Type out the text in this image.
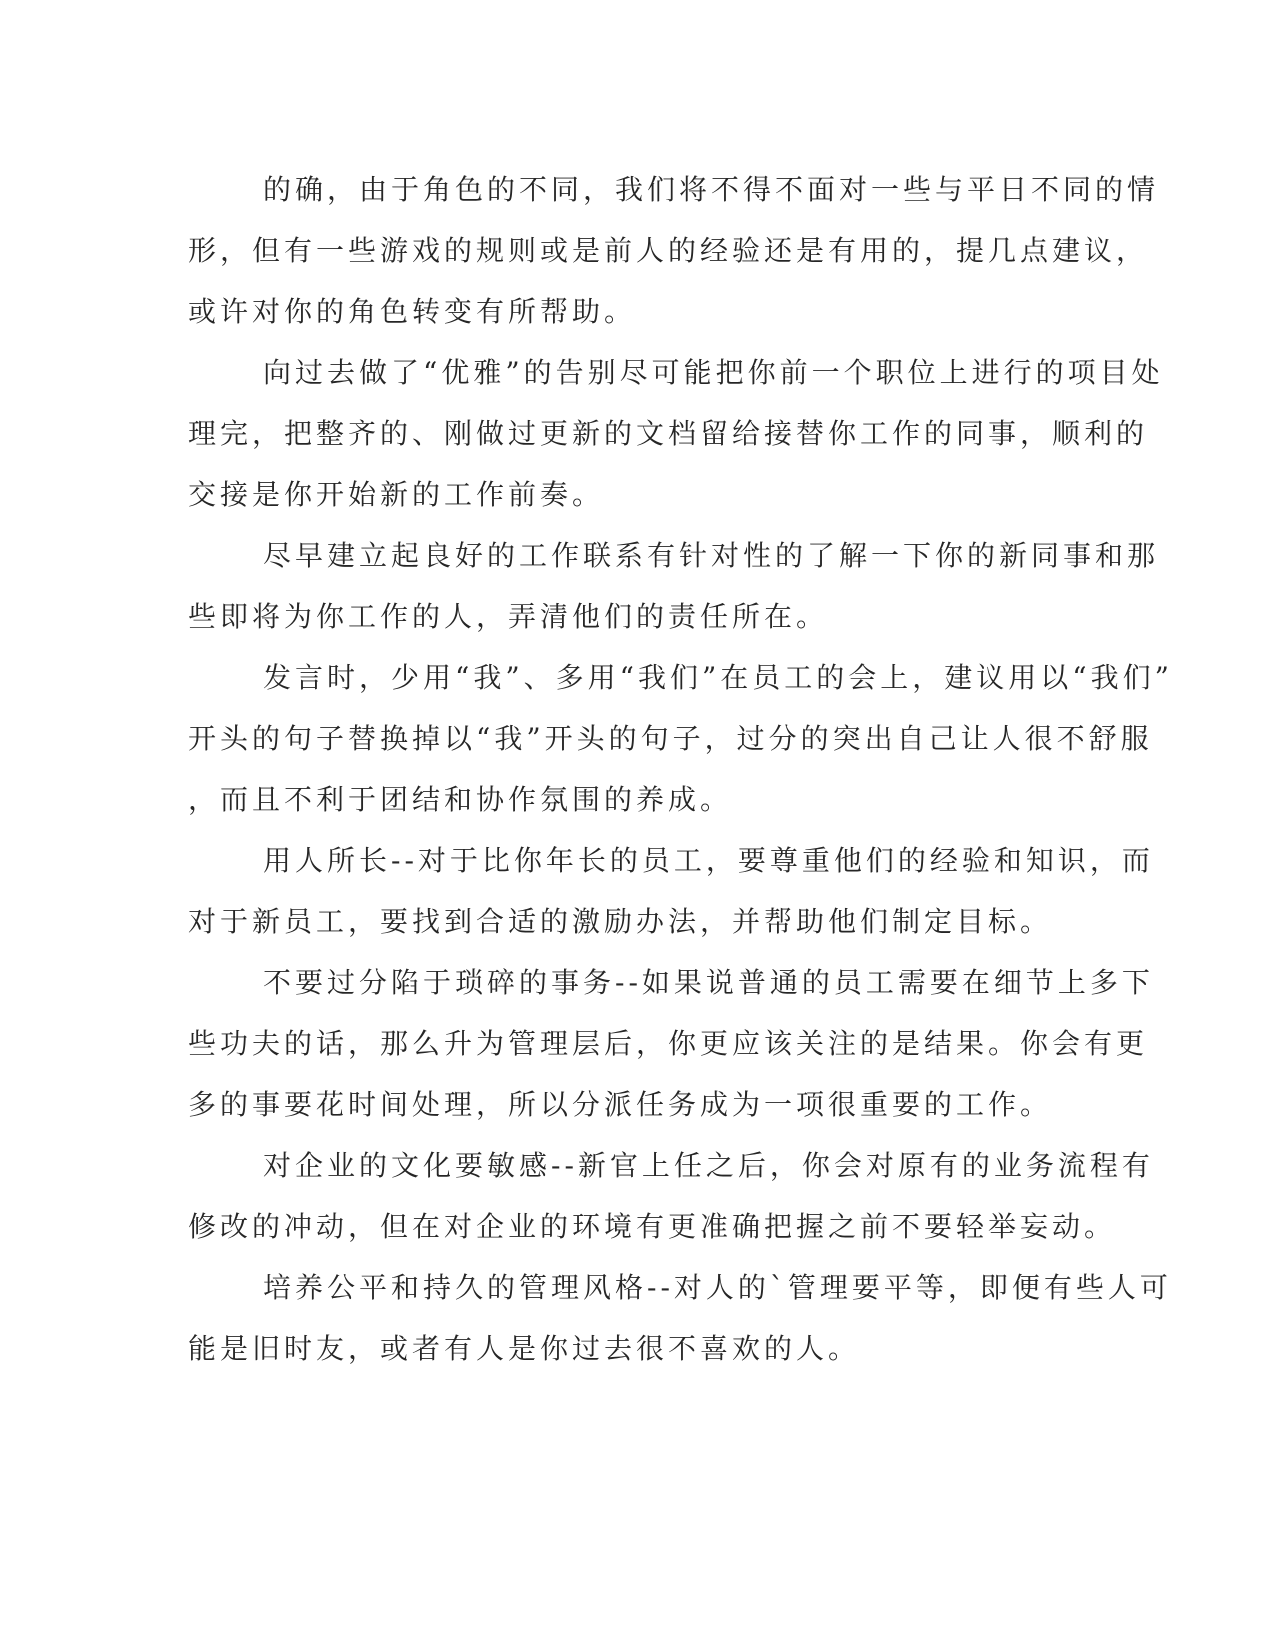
的确，由于角色的不同，我们将不得不面对一些与平日不同的情
形，但有一些游戏的规则或是前人的经验还是有用的，提几点建议，
或许对你的角色转变有所帮助。
向过去做了“优雅”的告别尽可能把你前一个职位上进行的项目处
理完，把整齐的、刚做过更新的文档留给接替你工作的同事，顺利的
交接是你开始新的工作前奏。
尽早建立起良好的工作联系有针对性的了解一下你的新同事和那
些即将为你工作的人，弄清他们的责任所在。
发言时，少用“我”、多用“我们”在员工的会上，建议用以“我们”
开头的句子替换掉以“我”开头的句子，过分的突出自己让人很不舒服
，而且不利于团结和协作氛围的养成。
用人所长--对于比你年长的员工，要尊重他们的经验和知识，而
对于新员工，要找到合适的激励办法，并帮助他们制定目标。
不要过分陷于琐碎的事务--如果说普通的员工需要在细节上多下
些功夫的话，那么升为管理层后，你更应该关注的是结果。你会有更
多的事要花时间处理，所以分派任务成为一项很重要的工作。
对企业的文化要敏感--新官上任之后，你会对原有的业务流程有
修改的冲动，但在对企业的环境有更准确把握之前不要轻举妄动。
培养公平和持久的管理风格--对人的`管理要平等，即便有些人可
能是旧时友，或者有人是你过去很不喜欢的人。
